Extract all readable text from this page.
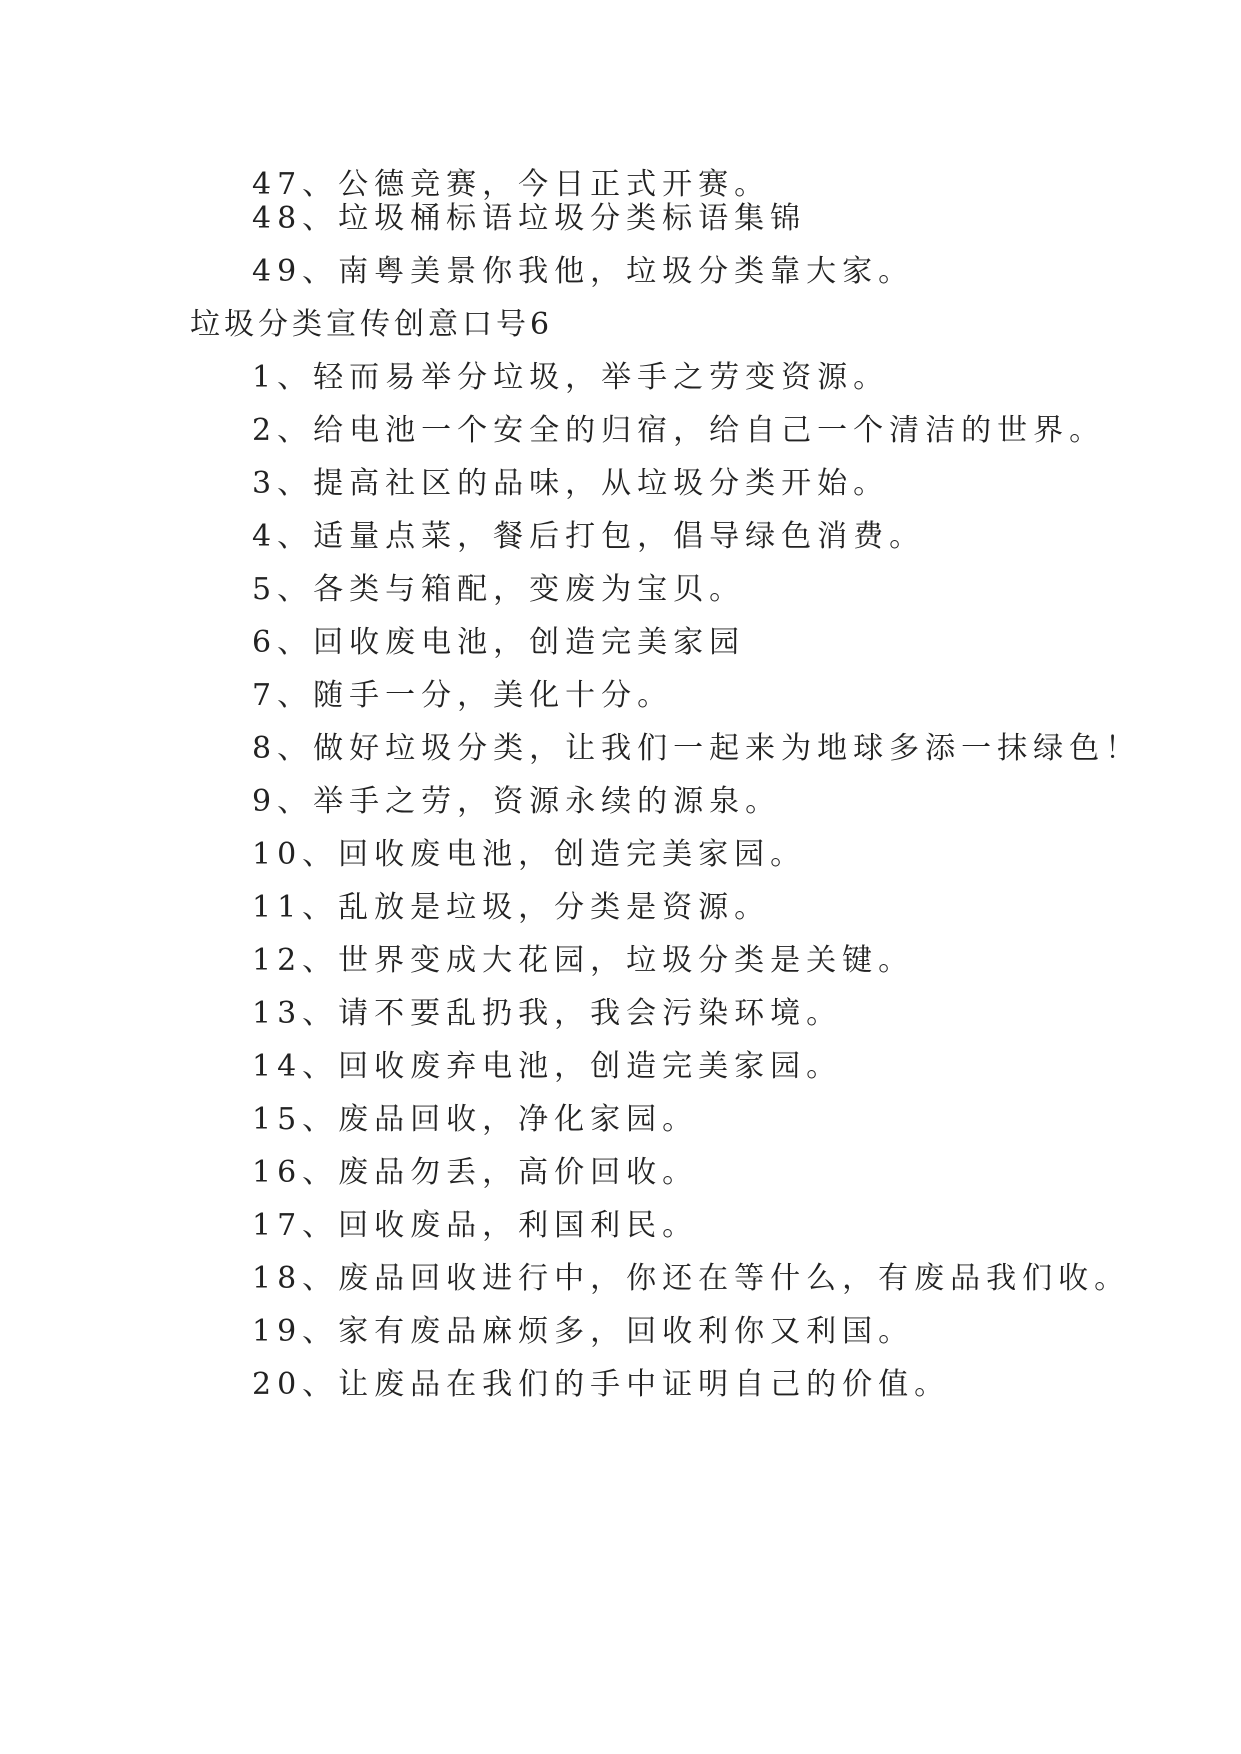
47、公德竞赛，今日正式开赛。
48、垃圾桶标语垃圾分类标语集锦
49、南粤美景你我他，垃圾分类靠大家。
垃圾分类宣传创意口号6
1、轻而易举分垃圾，举手之劳变资源。
2、给电池一个安全的归宿，给自己一个清洁的世界。
3、提高社区的品味，从垃圾分类开始。
4、适量点菜，餐后打包，倡导绿色消费。
5、各类与箱配，变废为宝贝。
6、回收废电池，创造完美家园
7、随手一分，美化十分。
8、做好垃圾分类，让我们一起来为地球多添一抹绿色！
9、举手之劳，资源永续的源泉。
10、回收废电池，创造完美家园。
11、乱放是垃圾，分类是资源。
12、世界变成大花园，垃圾分类是关键。
13、请不要乱扔我，我会污染环境。
14、回收废弃电池，创造完美家园。
15、废品回收，净化家园。
16、废品勿丢，高价回收。
17、回收废品，利国利民。
18、废品回收进行中，你还在等什么，有废品我们收。
19、家有废品麻烦多，回收利你又利国。
20、让废品在我们的手中证明自己的价值。
